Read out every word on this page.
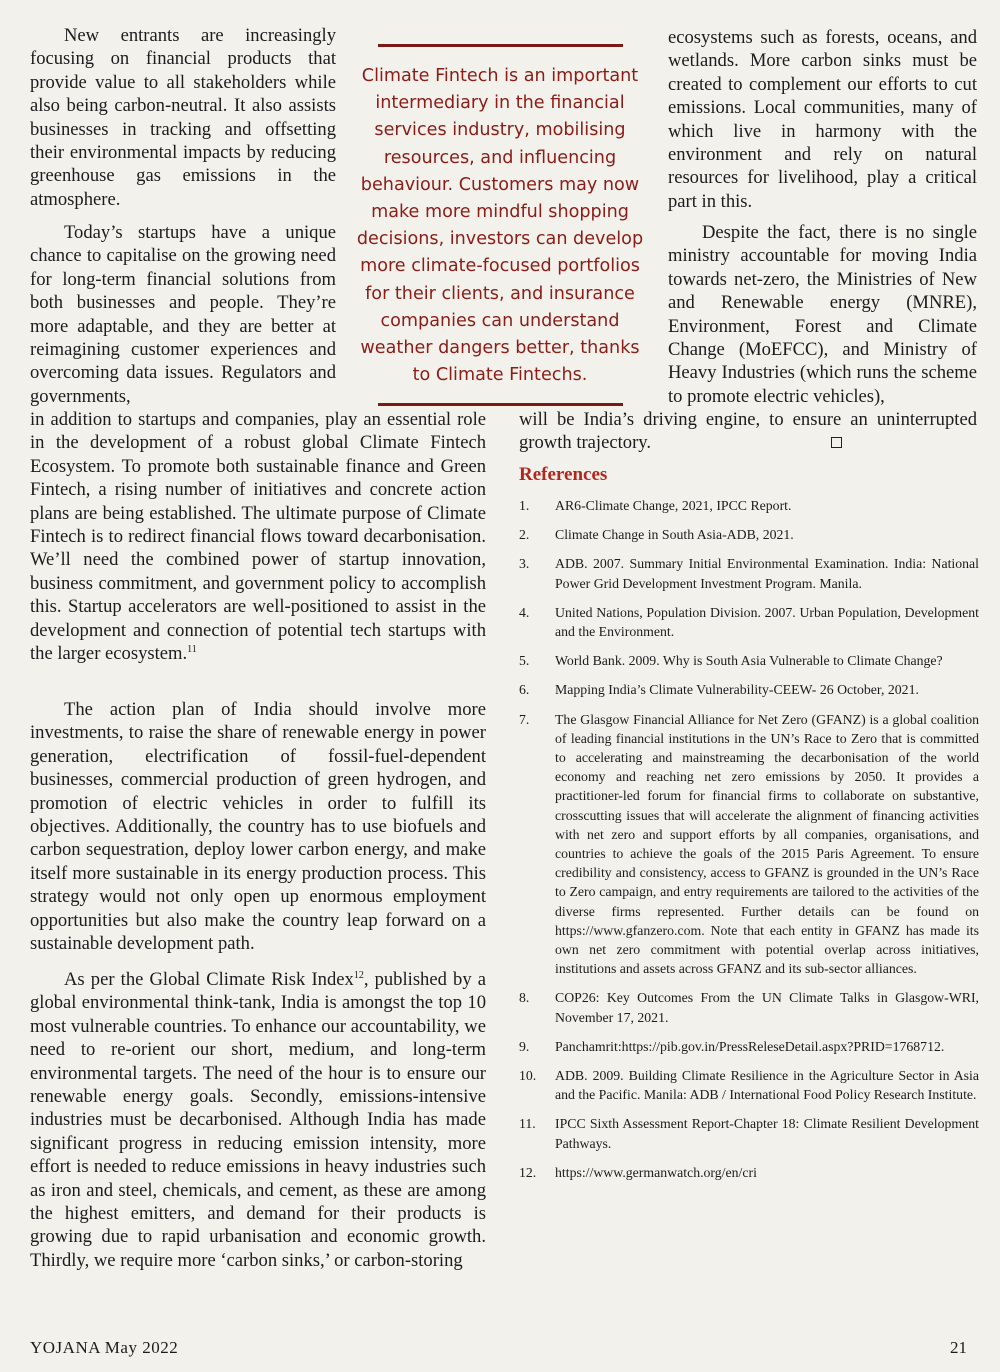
New entrants are increasingly focusing on financial products that provide value to all stakeholders while also being carbon-neutral. It also assists businesses in tracking and offsetting their environmental impacts by reducing greenhouse gas emissions in the atmosphere.

Today’s startups have a unique chance to capitalise on the growing need for long-term financial solutions from both businesses and people. They’re more adaptable, and they are better at reimagining customer experiences and overcoming data issues. Regulators and governments,

in addition to startups and companies, play an essential role in the development of a robust global Climate Fintech Ecosystem. To promote both sustainable finance and Green Fintech, a rising number of initiatives and concrete action plans are being established. The ultimate purpose of Climate Fintech is to redirect financial flows toward decarbonisation. We’ll need the combined power of startup innovation, business commitment, and government policy to accomplish this. Startup accelerators are well-positioned to assist in the development and connection of potential tech startups with the larger ecosystem.$^{11}$

The action plan of India should involve more investments, to raise the share of renewable energy in power generation, electrification of fossil-fuel-dependent businesses, commercial production of green hydrogen, and promotion of electric vehicles in order to fulfill its objectives. Additionally, the country has to use biofuels and carbon sequestration, deploy lower carbon energy, and make itself more sustainable in its energy production process. This strategy would not only open up enormous employment opportunities but also make the country leap forward on a sustainable development path.

As per the Global Climate Risk Index$^{12}$, published by a global environmental think-tank, India is amongst the top 10 most vulnerable countries. To enhance our accountability, we need to re-orient our short, medium, and long-term environmental targets. The need of the hour is to ensure our renewable energy goals. Secondly, emissions-intensive industries must be decarbonised. Although India has made significant progress in reducing emission intensity, more effort is needed to reduce emissions in heavy industries such as iron and steel, chemicals, and cement, as these are among the highest emitters, and demand for their products is growing due to rapid urbanisation and economic growth. Thirdly, we require more ‘carbon sinks,’ or carbon-storing

Climate Fintech is an important intermediary in the financial services industry, mobilising resources, and influencing behaviour. Customers may now make more mindful shopping decisions, investors can develop more climate-focused portfolios for their clients, and insurance companies can understand weather dangers better, thanks to Climate Fintechs.

ecosystems such as forests, oceans, and wetlands. More carbon sinks must be created to complement our efforts to cut emissions. Local communities, many of which live in harmony with the environment and rely on natural resources for livelihood, play a critical part in this.

Despite the fact, there is no single ministry accountable for moving India towards net-zero, the Ministries of New and Renewable energy (MNRE), Environment, Forest and Climate Change (MoEFCC), and Ministry of Heavy Industries (which runs the scheme to promote electric vehicles),

will be India’s driving engine, to ensure an uninterrupted growth trajectory.

References
1.	AR6-Climate Change, 2021, IPCC Report.
2.	Climate Change in South Asia-ADB, 2021.
3.	ADB. 2007. Summary Initial Environmental Examination. India: National Power Grid Development Investment Program. Manila.
4.	United Nations, Population Division. 2007. Urban Population, Development and the Environment.
5.	World Bank. 2009. Why is South Asia Vulnerable to Climate Change?
6.	Mapping India’s Climate Vulnerability-CEEW- 26 October, 2021.
7.	The Glasgow Financial Alliance for Net Zero (GFANZ) is a global coalition of leading financial institutions in the UN’s Race to Zero that is committed to accelerating and mainstreaming the decarbonisation of the world economy and reaching net zero emissions by 2050. It provides a practitioner-led forum for financial firms to collaborate on substantive, crosscutting issues that will accelerate the alignment of financing activities with net zero and support efforts by all companies, organisations, and countries to achieve the goals of the 2015 Paris Agreement. To ensure credibility and consistency, access to GFANZ is grounded in the UN’s Race to Zero campaign, and entry requirements are tailored to the activities of the diverse firms represented. Further details can be found on https://www.gfanzero.com. Note that each entity in GFANZ has made its own net zero commitment with potential overlap across initiatives, institutions and assets across GFANZ and its sub-sector alliances.
8.	COP26: Key Outcomes From the UN Climate Talks in Glasgow-WRI, November 17, 2021.
9.	Panchamrit:https://pib.gov.in/PressReleseDetail.aspx?PRID=1768712.
10.	ADB. 2009. Building Climate Resilience in the Agriculture Sector in Asia and the Pacific. Manila: ADB / International Food Policy Research Institute.
11.	IPCC Sixth Assessment Report-Chapter 18: Climate Resilient Development Pathways.
12.	https://www.germanwatch.org/en/cri

YOJANA May 2022	21
